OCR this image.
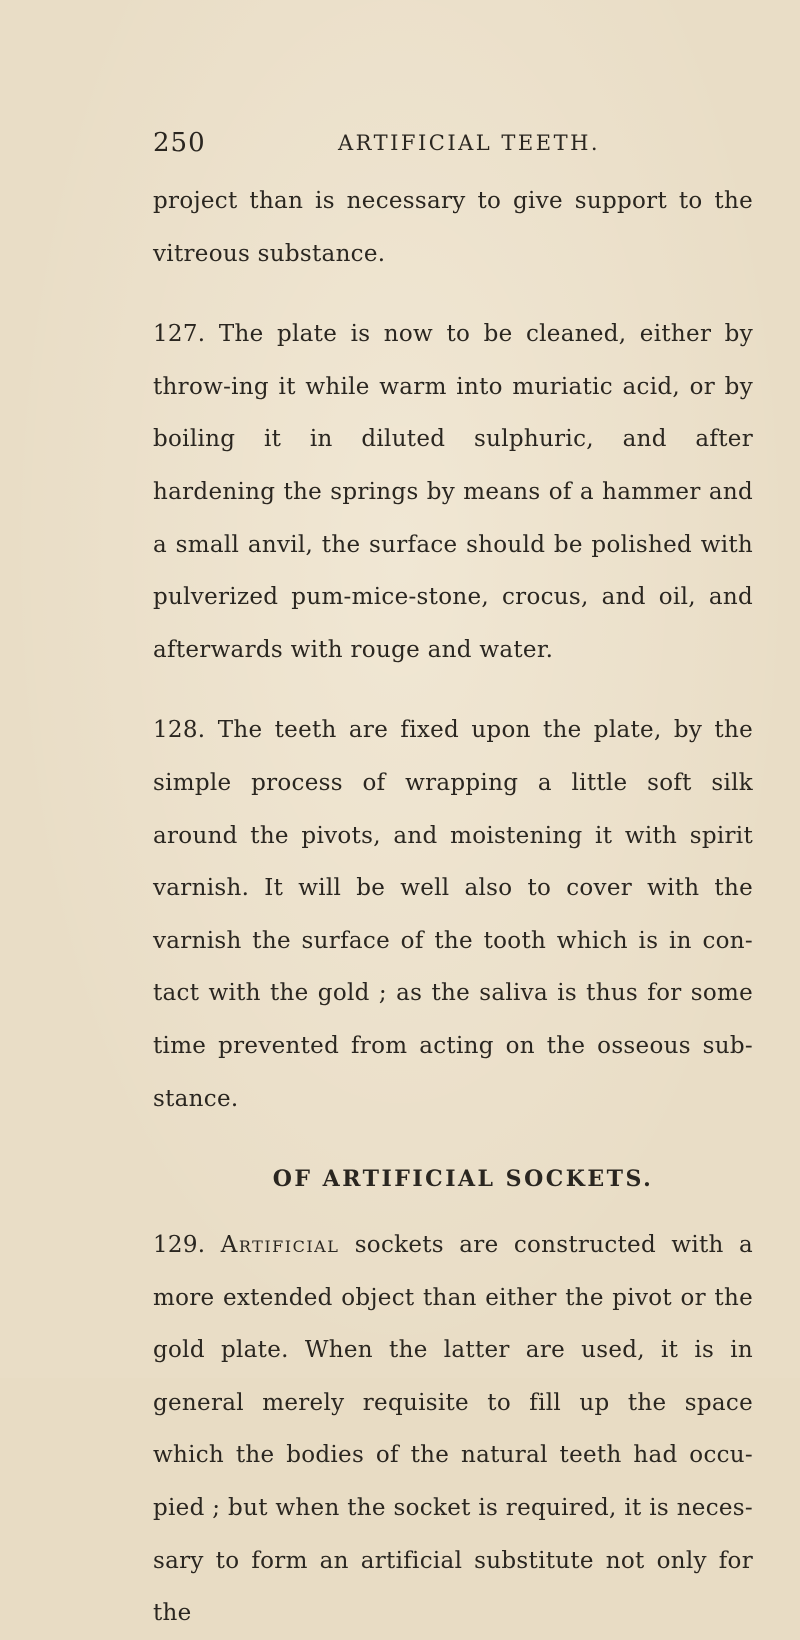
250	ARTIFICIAL TEETH.

project than is necessary to give support to the vitreous substance.

127. The plate is now to be cleaned, either by throw-ing it while warm into muriatic acid, or by boiling it in diluted sulphuric, and after hardening the springs by means of a hammer and a small anvil, the surface should be polished with pulverized pum-mice-stone, crocus, and oil, and afterwards with rouge and water.

128. The teeth are fixed upon the plate, by the simple process of wrapping a little soft silk around the pivots, and moistening it with spirit varnish. It will be well also to cover with the varnish the surface of the tooth which is in con-tact with the gold ; as the saliva is thus for some time prevented from acting on the osseous sub-stance.

OF ARTIFICIAL SOCKETS.

129. Artificial sockets are constructed with a more extended object than either the pivot or the gold plate. When the latter are used, it is in general merely requisite to fill up the space which the bodies of the natural teeth had occu-pied ; but when the socket is required, it is neces-sary to form an artificial substitute not only for the
